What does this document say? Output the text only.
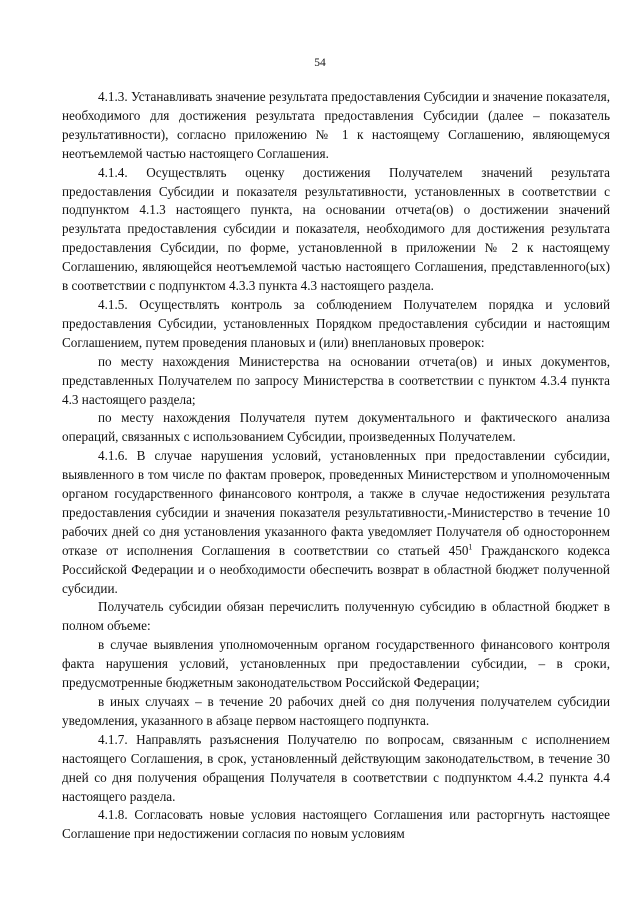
54

4.1.3. Устанавливать значение результата предоставления Субсидии и значение показателя, необходимого для достижения результата предоставления Субсидии (далее – показатель результативности), согласно приложению № 1 к настоящему Соглашению, являющемуся неотъемлемой частью настоящего Соглашения.

4.1.4. Осуществлять оценку достижения Получателем значений результата предоставления Субсидии и показателя результативности, установленных в соответствии с подпунктом 4.1.3 настоящего пункта, на основании отчета(ов) о достижении значений результата предоставления субсидии и показателя, необходимого для достижения результата предоставления Субсидии, по форме, установленной в приложении № 2 к настоящему Соглашению, являющейся неотъемлемой частью настоящего Соглашения, представленного(ых) в соответствии с подпунктом 4.3.3 пункта 4.3 настоящего раздела.

4.1.5. Осуществлять контроль за соблюдением Получателем порядка и условий предоставления Субсидии, установленных Порядком предоставления субсидии и настоящим Соглашением, путем проведения плановых и (или) внеплановых проверок:

по месту нахождения Министерства на основании отчета(ов) и иных документов, представленных Получателем по запросу Министерства в соответствии с пунктом 4.3.4 пункта 4.3 настоящего раздела;

по месту нахождения Получателя путем документального и фактического анализа операций, связанных с использованием Субсидии, произведенных Получателем.

4.1.6. В случае нарушения условий, установленных при предоставлении субсидии, выявленного в том числе по фактам проверок, проведенных Министерством и уполномоченным органом государственного финансового контроля, а также в случае недостижения результата предоставления субсидии и значения показателя результативности,-Министерство в течение 10 рабочих дней со дня установления указанного факта уведомляет Получателя об одностороннем отказе от исполнения Соглашения в соответствии со статьей $450^1$ Гражданского кодекса Российской Федерации и о необходимости обеспечить возврат в областной бюджет полученной субсидии.

Получатель субсидии обязан перечислить полученную субсидию в областной бюджет в полном объеме:

в случае выявления уполномоченным органом государственного финансового контроля факта нарушения условий, установленных при предоставлении субсидии, – в сроки, предусмотренные бюджетным законодательством Российской Федерации;

в иных случаях – в течение 20 рабочих дней со дня получения получателем субсидии уведомления, указанного в абзаце первом настоящего подпункта.

4.1.7. Направлять разъяснения Получателю по вопросам, связанным с исполнением настоящего Соглашения, в срок, установленный действующим законодательством, в течение 30 дней со дня получения обращения Получателя в соответствии с подпунктом 4.4.2 пункта 4.4 настоящего раздела.

4.1.8. Согласовать новые условия настоящего Соглашения или расторгнуть настоящее Соглашение при недостижении согласия по новым условиям
